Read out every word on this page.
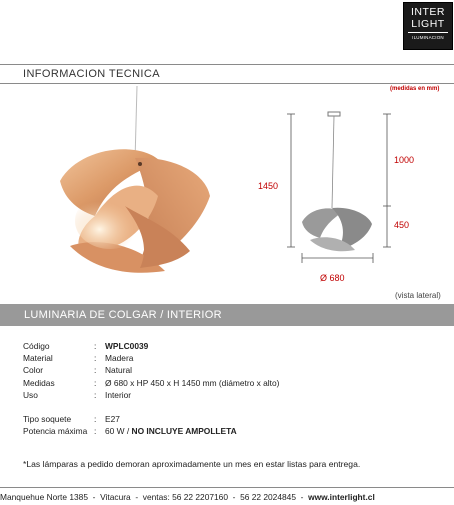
INTER
LIGHT
ILUMINACION
INFORMACION TECNICA
(medidas en mm)
1450
1000
450
Ø 680
(vista lateral)
LUMINARIA DE COLGAR / INTERIOR
Código	:	WPLC0039
Material	:	Madera
Color	:	Natural
Medidas	:	Ø 680 x HP 450 x H 1450 mm (diámetro x alto)
Uso	:	Interior
Tipo soquete	:	E27
Potencia máxima :	60 W / NO INCLUYE AMPOLLETA
*Las lámparas a pedido demoran aproximadamente un mes en estar listas para entrega.
Manquehue Norte 1385  -  Vitacura  -  ventas: 56 22 2207160  -  56 22 2024845  -  www.interlight.cl
